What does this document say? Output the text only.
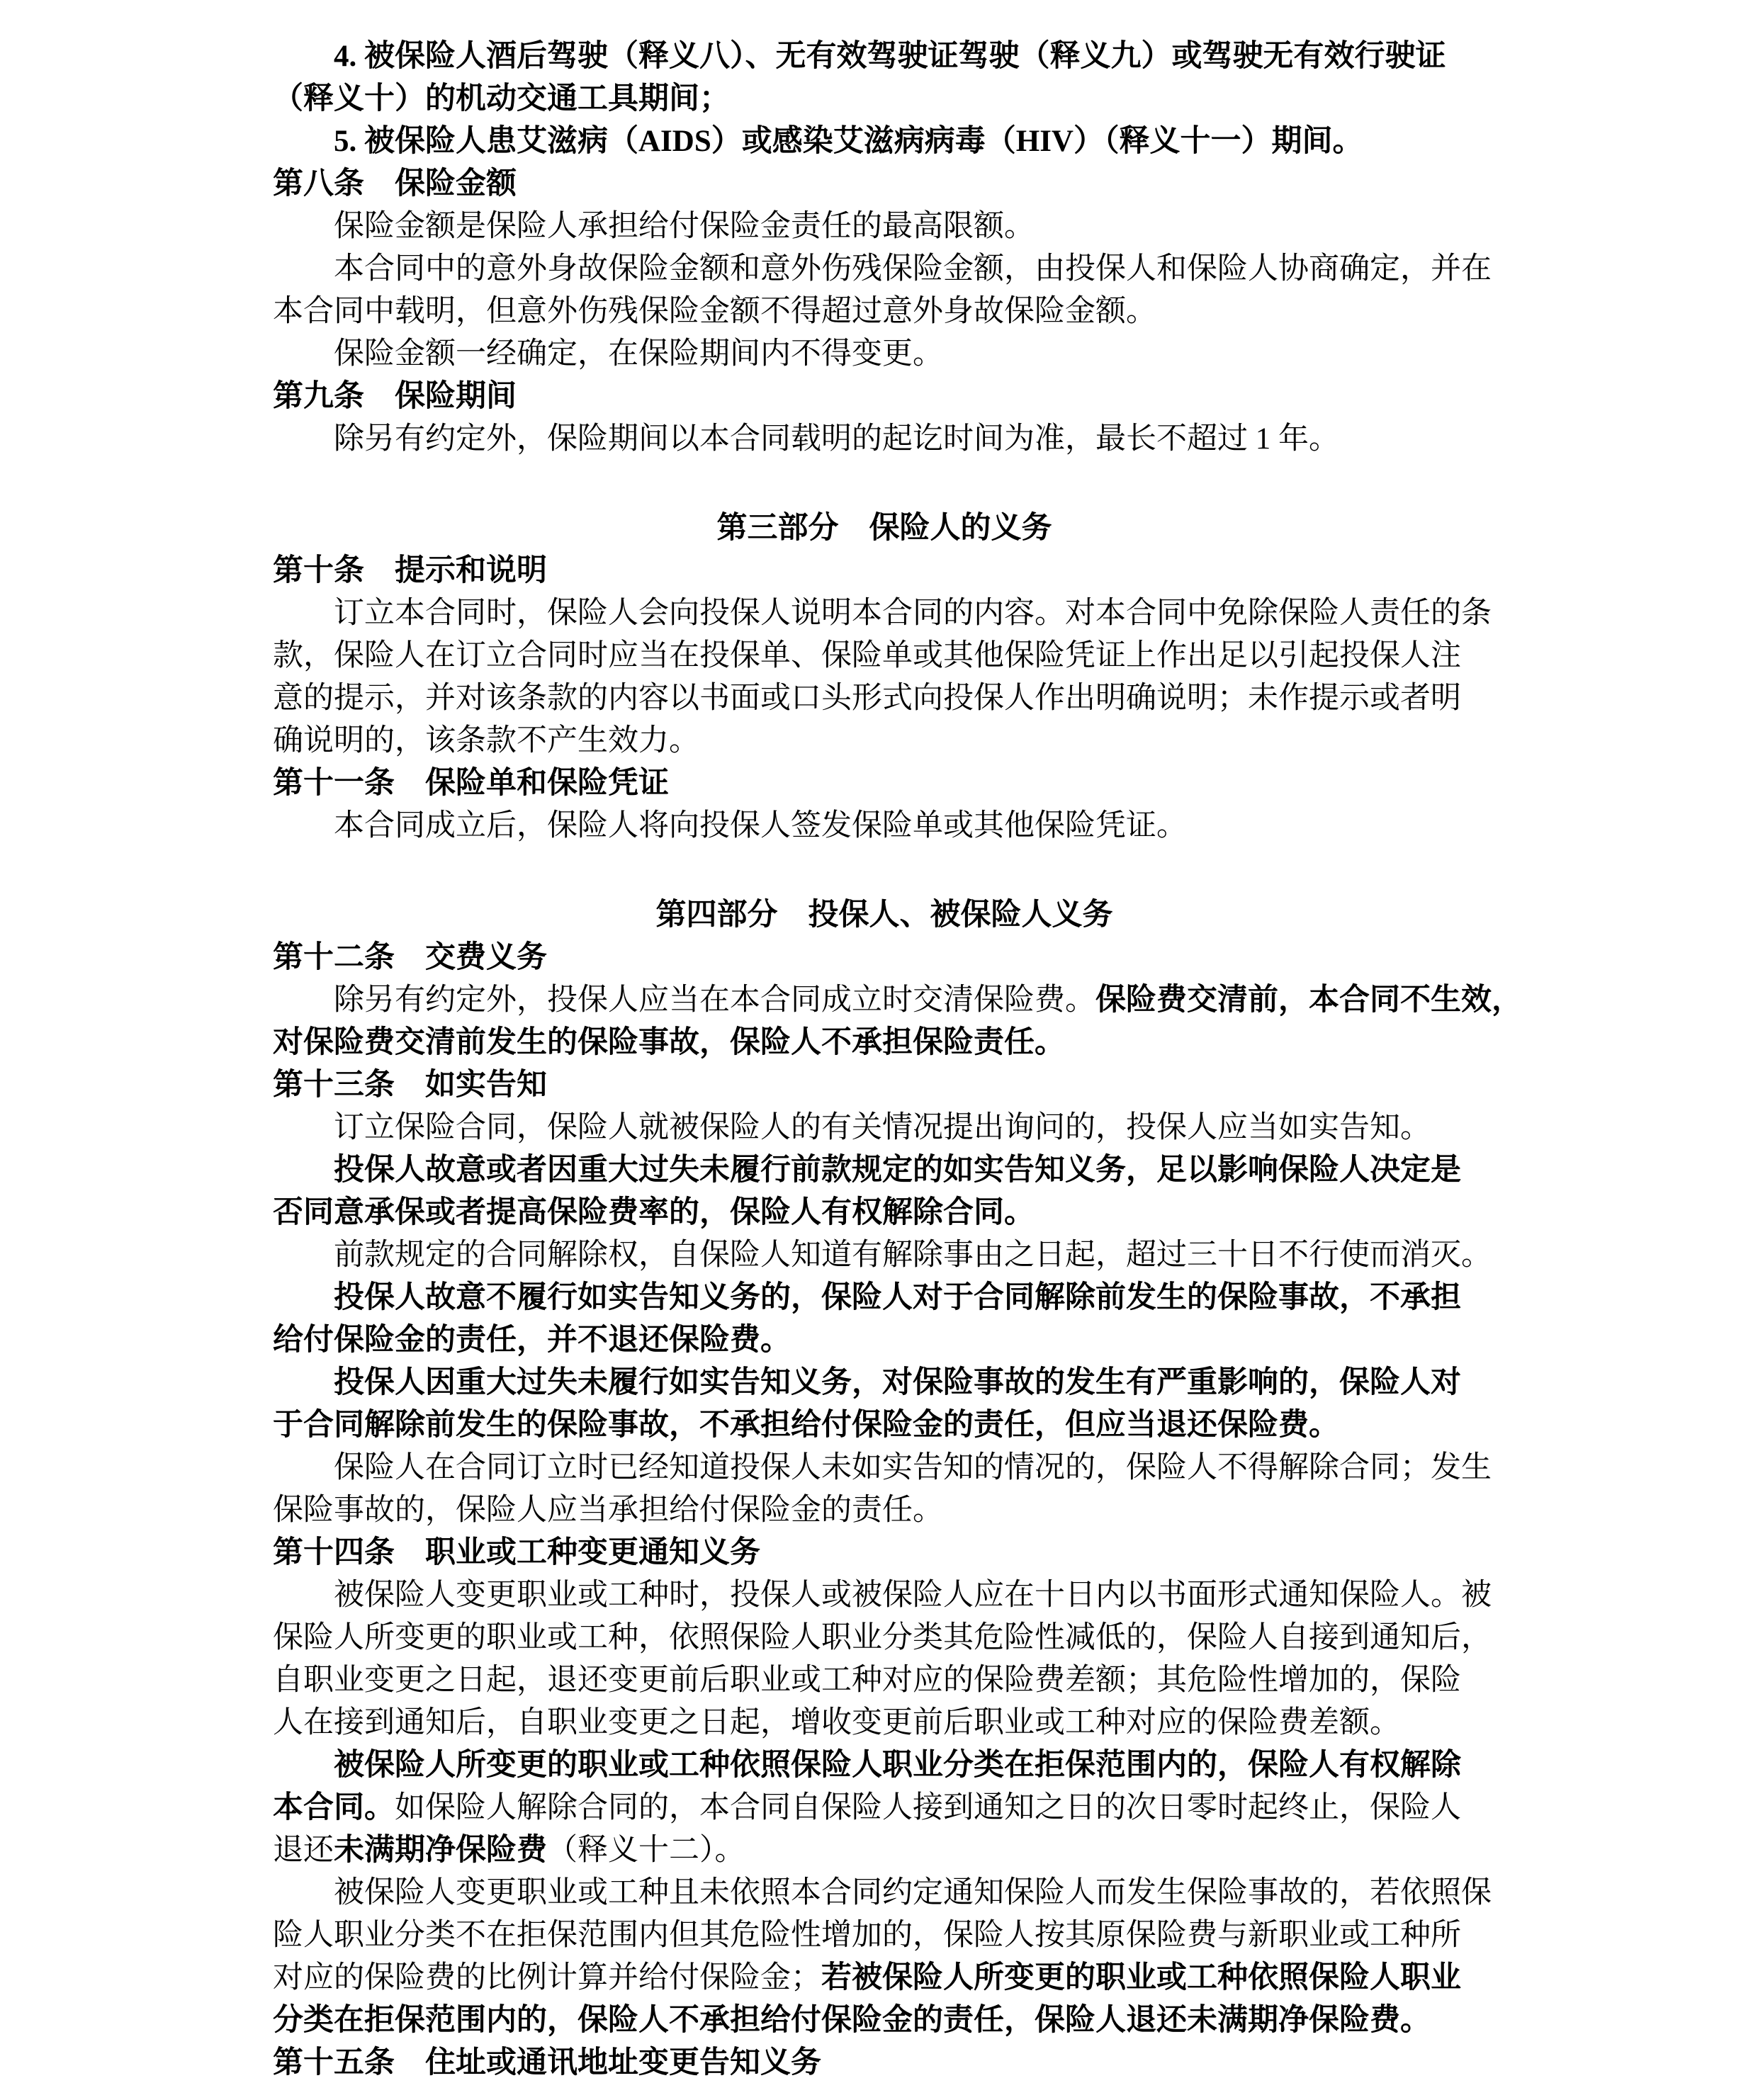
4. 被保险人酒后驾驶（释义八）、无有效驾驶证驾驶（释义九）或驾驶无有效行驶证
（释义十）的机动交通工具期间；
5. 被保险人患艾滋病（AIDS）或感染艾滋病病毒（HIV）（释义十一）期间。
第八条　保险金额
保险金额是保险人承担给付保险金责任的最高限额。
本合同中的意外身故保险金额和意外伤残保险金额，由投保人和保险人协商确定，并在
本合同中载明，但意外伤残保险金额不得超过意外身故保险金额。
保险金额一经确定，在保险期间内不得变更。
第九条　保险期间
除另有约定外，保险期间以本合同载明的起讫时间为准，最长不超过 1 年。
第三部分　保险人的义务
第十条　提示和说明
订立本合同时，保险人会向投保人说明本合同的内容。对本合同中免除保险人责任的条
款，保险人在订立合同时应当在投保单、保险单或其他保险凭证上作出足以引起投保人注
意的提示，并对该条款的内容以书面或口头形式向投保人作出明确说明；未作提示或者明
确说明的，该条款不产生效力。
第十一条　保险单和保险凭证
本合同成立后，保险人将向投保人签发保险单或其他保险凭证。
第四部分　投保人、被保险人义务
第十二条　交费义务
除另有约定外，投保人应当在本合同成立时交清保险费。保险费交清前，本合同不生效，
对保险费交清前发生的保险事故，保险人不承担保险责任。
第十三条　如实告知
订立保险合同，保险人就被保险人的有关情况提出询问的，投保人应当如实告知。
投保人故意或者因重大过失未履行前款规定的如实告知义务，足以影响保险人决定是
否同意承保或者提高保险费率的，保险人有权解除合同。
前款规定的合同解除权，自保险人知道有解除事由之日起，超过三十日不行使而消灭。
投保人故意不履行如实告知义务的，保险人对于合同解除前发生的保险事故，不承担
给付保险金的责任，并不退还保险费。
投保人因重大过失未履行如实告知义务，对保险事故的发生有严重影响的，保险人对
于合同解除前发生的保险事故，不承担给付保险金的责任，但应当退还保险费。
保险人在合同订立时已经知道投保人未如实告知的情况的，保险人不得解除合同；发生
保险事故的，保险人应当承担给付保险金的责任。
第十四条　职业或工种变更通知义务
被保险人变更职业或工种时，投保人或被保险人应在十日内以书面形式通知保险人。被
保险人所变更的职业或工种，依照保险人职业分类其危险性减低的，保险人自接到通知后，
自职业变更之日起，退还变更前后职业或工种对应的保险费差额；其危险性增加的，保险
人在接到通知后，自职业变更之日起，增收变更前后职业或工种对应的保险费差额。
被保险人所变更的职业或工种依照保险人职业分类在拒保范围内的，保险人有权解除
本合同。如保险人解除合同的，本合同自保险人接到通知之日的次日零时起终止，保险人
退还未满期净保险费（释义十二）。
被保险人变更职业或工种且未依照本合同约定通知保险人而发生保险事故的，若依照保
险人职业分类不在拒保范围内但其危险性增加的，保险人按其原保险费与新职业或工种所
对应的保险费的比例计算并给付保险金；若被保险人所变更的职业或工种依照保险人职业
分类在拒保范围内的，保险人不承担给付保险金的责任，保险人退还未满期净保险费。
第十五条　住址或通讯地址变更告知义务
